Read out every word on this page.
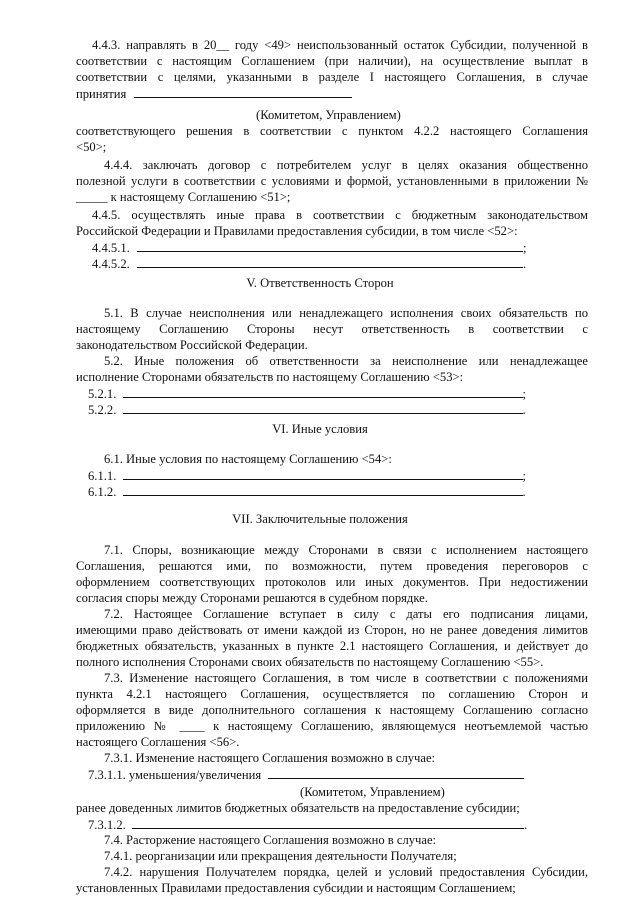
4.4.3. направлять в 20__ году <49> неиспользованный остаток Субсидии, полученной в
соответствии с настоящим Соглашением (при наличии), на осуществление выплат в
соответствии с целями, указанными в разделе I настоящего Соглашения, в случае
принятия
(Комитетом, Управлением)
соответствующего решения в соответствии с пунктом 4.2.2 настоящего Соглашения
<50>;
4.4.4. заключать договор с потребителем услуг в целях оказания общественно
полезной услуги в соответствии с условиями и формой, установленными в приложении №
_____ к настоящему Соглашению <51>;
4.4.5. осуществлять иные права в соответствии с бюджетным законодательством
Российской Федерации и Правилами предоставления субсидии, в том числе <52>:
4.4.5.1.	;
4.4.5.2.	.
V. Ответственность Сторон
5.1. В случае неисполнения или ненадлежащего исполнения своих обязательств по
настоящему Соглашению Стороны несут ответственность в соответствии с
законодательством Российской Федерации.
5.2. Иные положения об ответственности за неисполнение или ненадлежащее
исполнение Сторонами обязательств по настоящему Соглашению <53>:
5.2.1.	;
5.2.2.	.
VI. Иные условия
6.1. Иные условия по настоящему Соглашению <54>:
6.1.1.	;
6.1.2.	.
VII. Заключительные положения
7.1. Споры, возникающие между Сторонами в связи с исполнением настоящего
Соглашения, решаются ими, по возможности, путем проведения переговоров с
оформлением соответствующих протоколов или иных документов. При недостижении
согласия споры между Сторонами решаются в судебном порядке.
7.2. Настоящее Соглашение вступает в силу с даты его подписания лицами,
имеющими право действовать от имени каждой из Сторон, но не ранее доведения лимитов
бюджетных обязательств, указанных в пункте 2.1 настоящего Соглашения, и действует до
полного исполнения Сторонами своих обязательств по настоящему Соглашению <55>.
7.3. Изменение настоящего Соглашения, в том числе в соответствии с положениями
пункта 4.2.1 настоящего Соглашения, осуществляется по соглашению Сторон и
оформляется в виде дополнительного соглашения к настоящему Соглашению согласно
приложению № ____ к настоящему Соглашению, являющемуся неотъемлемой частью
настоящего Соглашения <56>.
7.3.1. Изменение настоящего Соглашения возможно в случае:
7.3.1.1. уменьшения/увеличения
(Комитетом, Управлением)
ранее доведенных лимитов бюджетных обязательств на предоставление субсидии;
7.3.1.2.	.
7.4. Расторжение настоящего Соглашения возможно в случае:
7.4.1. реорганизации или прекращения деятельности Получателя;
7.4.2. нарушения Получателем порядка, целей и условий предоставления Субсидии,
установленных Правилами предоставления субсидии и настоящим Соглашением;
